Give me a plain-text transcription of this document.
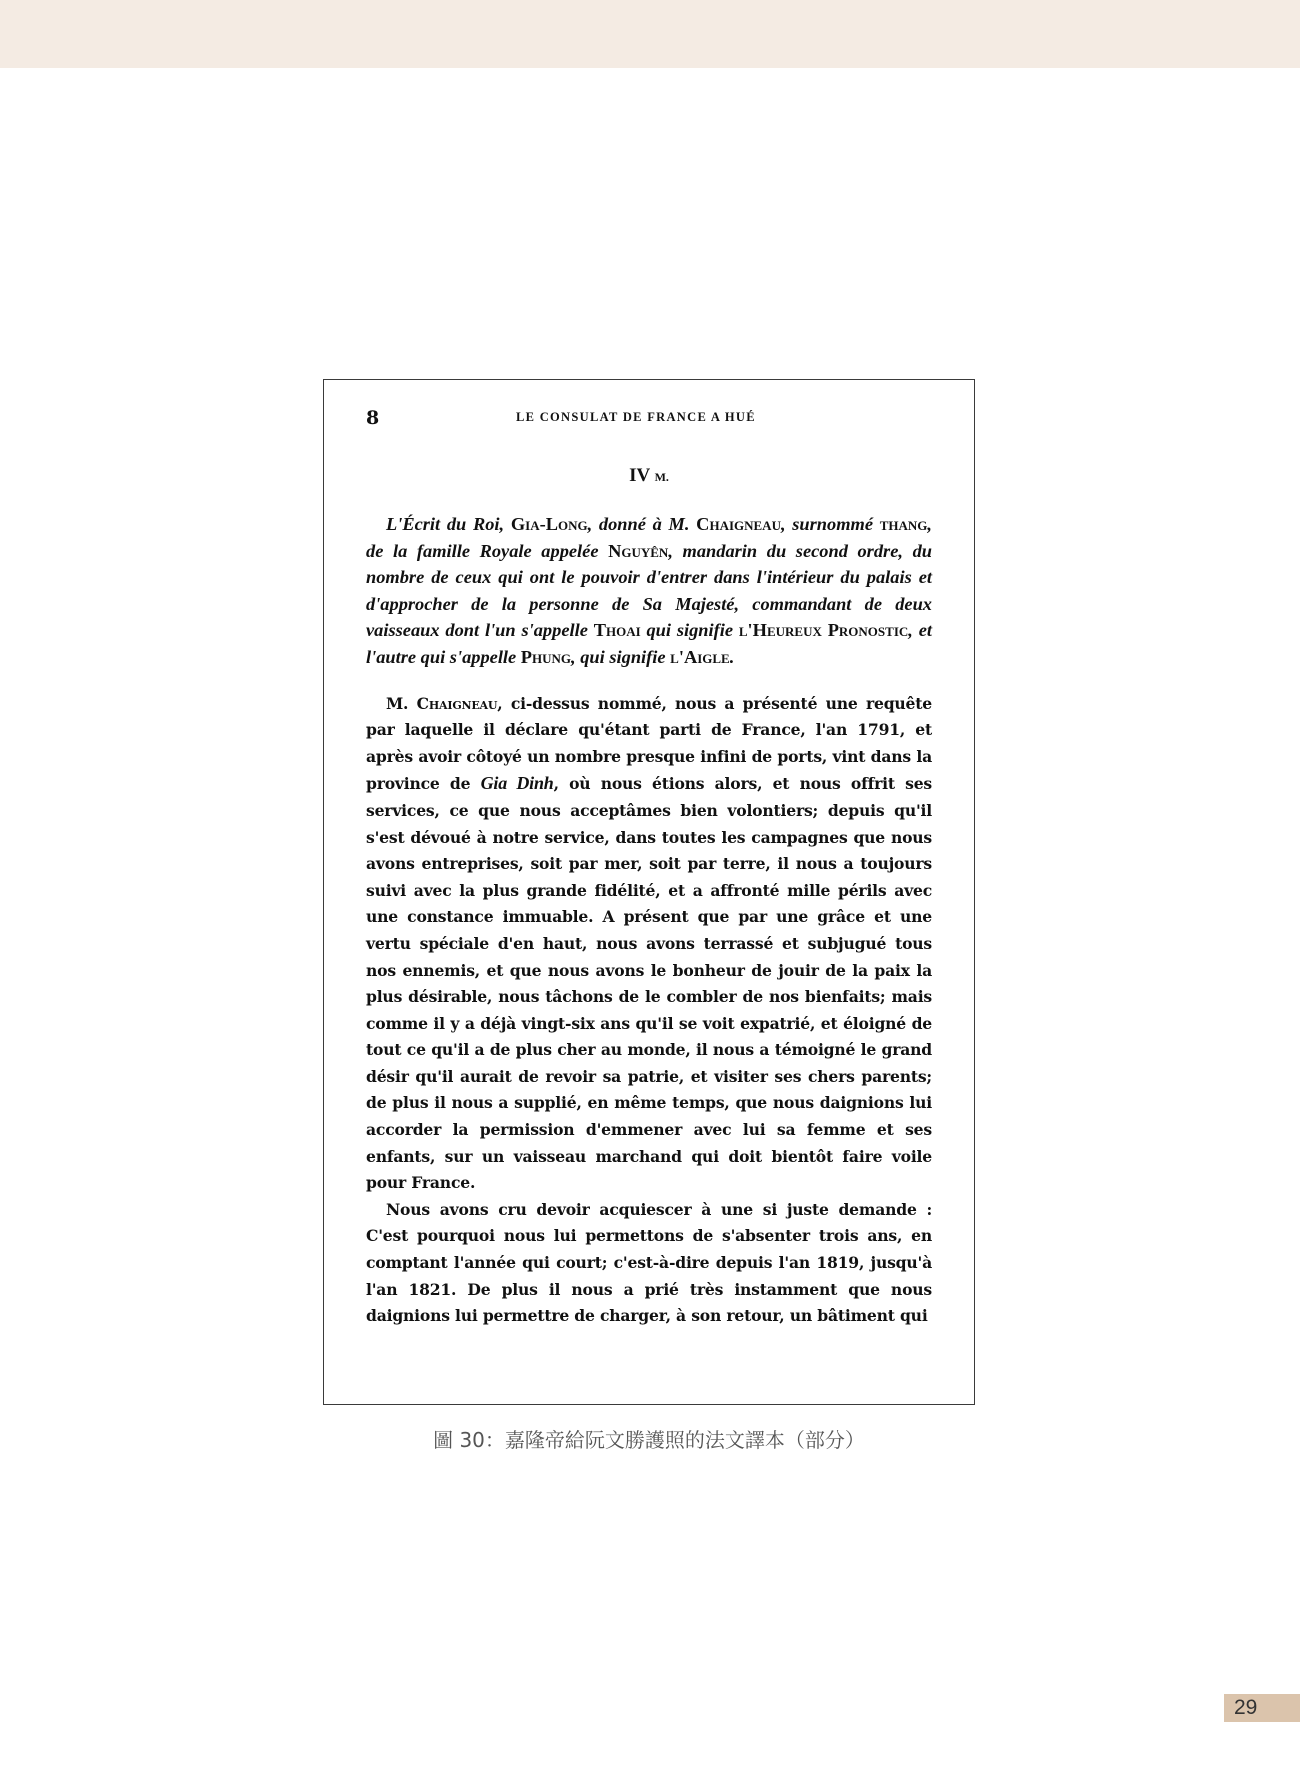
8	LE CONSULAT DE FRANCE A HUÉ
IV M.

L'Écrit du Roi, Gia-Long, donné à M. Chaigneau, surnommé thang, de la famille Royale appelée Nguyên, mandarin du second ordre, du nombre de ceux qui ont le pouvoir d'entrer dans l'intérieur du palais et d'approcher de la personne de Sa Majesté, commandant de deux vaisseaux dont l'un s'appelle Thoai qui signifie l'Heureux Pronostic, et l'autre qui s'appelle Phung, qui signifie l'Aigle.

M. Chaigneau, ci-dessus nommé, nous a présenté une requête par laquelle il déclare qu'étant parti de France, l'an 1791, et après avoir côtoyé un nombre presque infini de ports, vint dans la province de Gia Dinh, où nous étions alors, et nous offrit ses services, ce que nous acceptâmes bien volontiers; depuis qu'il s'est dévoué à notre service, dans toutes les campagnes que nous avons entreprises, soit par mer, soit par terre, il nous a toujours suivi avec la plus grande fidélité, et a affronté mille périls avec une constance immuable. A présent que par une grâce et une vertu spéciale d'en haut, nous avons terrassé et subjugué tous nos ennemis, et que nous avons le bonheur de jouir de la paix la plus désirable, nous tâchons de le combler de nos bienfaits; mais comme il y a déjà vingt-six ans qu'il se voit expatrié, et éloigné de tout ce qu'il a de plus cher au monde, il nous a témoigné le grand désir qu'il aurait de revoir sa patrie, et visiter ses chers parents; de plus il nous a supplié, en même temps, que nous daignions lui accorder la permission d'emmener avec lui sa femme et ses enfants, sur un vaisseau marchand qui doit bientôt faire voile pour France.

Nous avons cru devoir acquiescer à une si juste demande : C'est pourquoi nous lui permettons de s'absenter trois ans, en comptant l'année qui court; c'est-à-dire depuis l'an 1819, jusqu'à l'an 1821. De plus il nous a prié très instamment que nous daignions lui permettre de charger, à son retour, un bâtiment qui

圖 30：嘉隆帝給阮文勝護照的法文譯本（部分）
29
